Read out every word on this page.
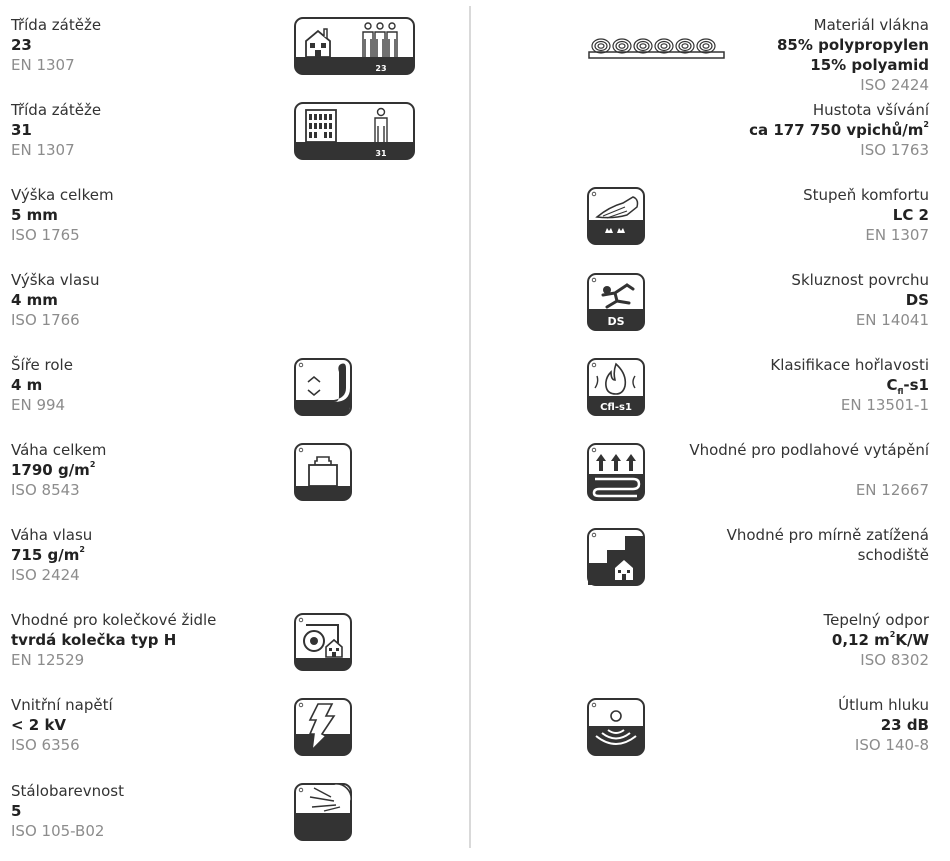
Třída zátěže
23
EN 1307	23
Třída zátěže
31
EN 1307	31
Výška celkem
5 mm
ISO 1765
Výška vlasu
4 mm
ISO 1766
Šíře role
4 m
EN 994
Váha celkem
1790 $g/m^2$
ISO 8543
Váha vlasu
715 $g/m^2$
ISO 2424
Vhodné pro kolečkové židle
tvrdá kolečka typ H
EN 12529
Vnitřní napětí
< 2 kV
ISO 6356
Stálobarevnost
5
ISO 105-B02
Materiál vlákna
85% polypropylen
15% polyamid
ISO 2424
Hustota všívání
ca 177 750 vpichů/$m^2$
ISO 1763
Stupeň komfortu
LC 2
EN 1307
Skluznost povrchu
DS
EN 14041
DS
Klasifikace hořlavosti
$C_{fl}-s1$
EN 13501-1
Cfl-s1
Vhodné pro podlahové vytápění

EN 12667
Vhodné pro mírně zatížená
schodiště
Tepelný odpor
0,12 $m^2K/W$
ISO 8302
Útlum hluku
23 dB
ISO 140-8
